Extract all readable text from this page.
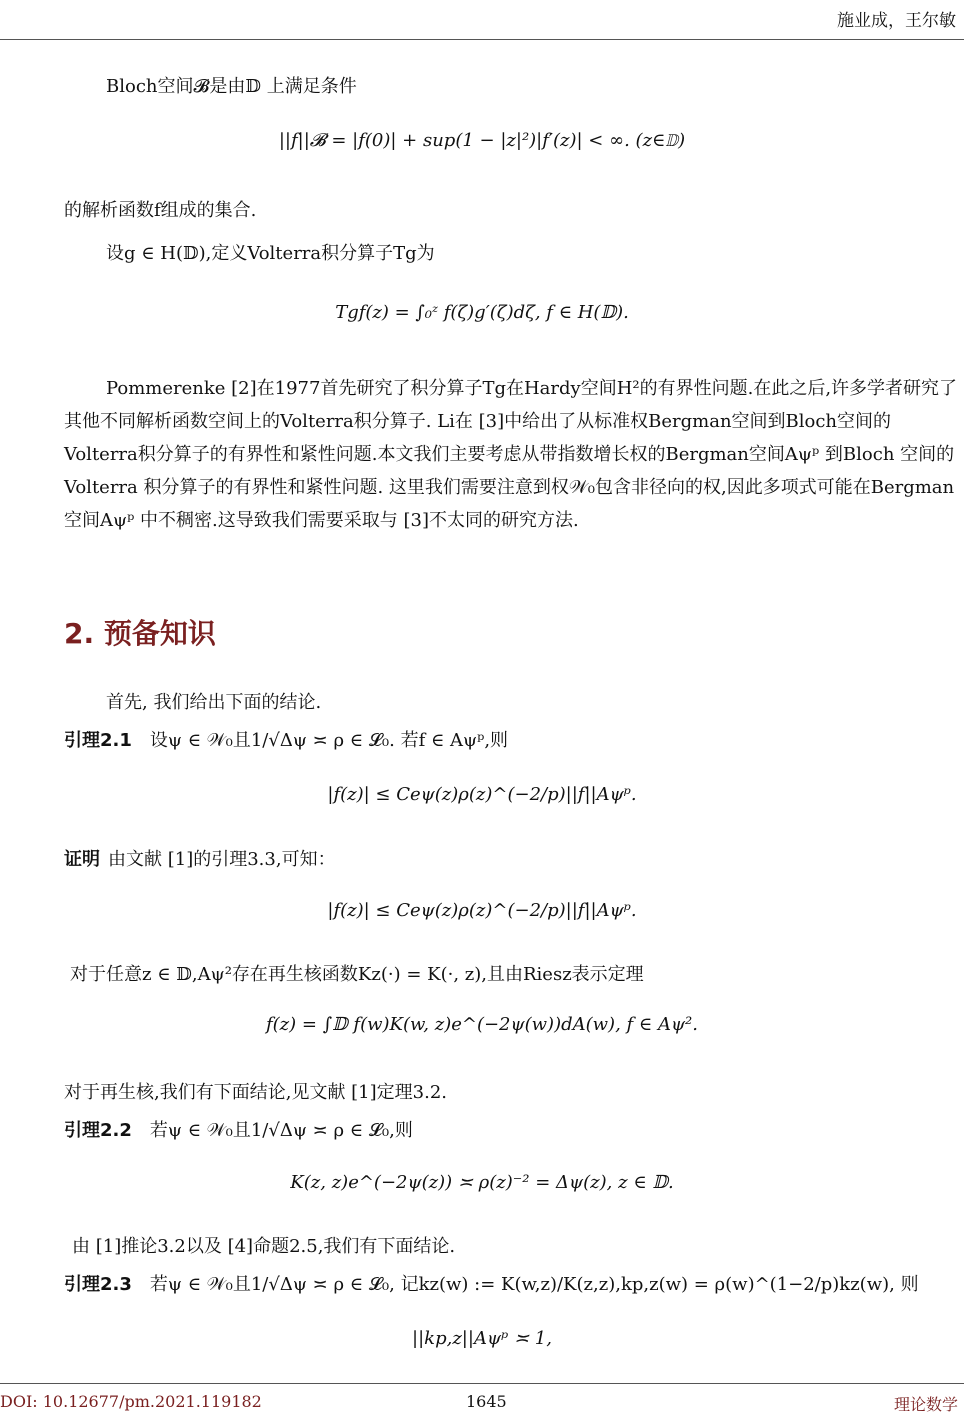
施业成，王尔敏
Bloch空间𝓑是由𝔻 上满足条件
||f||𝓑 = |f(0)| + sup(1 − |z|²)|f′(z)| < ∞. (z∈𝔻)
的解析函数f组成的集合.
设g ∈ H(𝔻),定义Volterra积分算子Tg为
Tgf(z) = ∫₀ᶻ f(ζ)g′(ζ)dζ, f ∈ H(𝔻).
Pommerenke [2]在1977首先研究了积分算子Tg在Hardy空间H²的有界性问题.在此之后,许多学者研究了其他不同解析函数空间上的Volterra积分算子. Li在 [3]中给出了从标准权Bergman空间到Bloch空间的Volterra积分算子的有界性和紧性问题.本文我们主要考虑从带指数增长权的Bergman空间Aψᵖ 到Bloch 空间的Volterra 积分算子的有界性和紧性问题. 这里我们需要注意到权𝒲₀包含非径向的权,因此多项式可能在Bergman 空间Aψᵖ 中不稠密.这导致我们需要采取与 [3]不太同的研究方法.
2. 预备知识
首先, 我们给出下面的结论.
引理2.1 设ψ ∈ 𝒲₀且1/√Δψ ≍ ρ ∈ 𝓛₀. 若f ∈ Aψᵖ,则
|f(z)| ≤ Ceψ(z)ρ(z)^(−2/p)||f||Aψᵖ.
证明 由文献 [1]的引理3.3,可知：
|f(z)| ≤ Ceψ(z)ρ(z)^(−2/p)||f||Aψᵖ.
对于任意z ∈ 𝔻,Aψ²存在再生核函数Kz(·) = K(·, z),且由Riesz表示定理
f(z) = ∫𝔻 f(w)K(w, z)e^(−2ψ(w))dA(w), f ∈ Aψ².
对于再生核,我们有下面结论,见文献 [1]定理3.2.
引理2.2 若ψ ∈ 𝒲₀且1/√Δψ ≍ ρ ∈ 𝓛₀,则
K(z, z)e^(−2ψ(z)) ≍ ρ(z)⁻² = Δψ(z), z ∈ 𝔻.
由 [1]推论3.2以及 [4]命题2.5,我们有下面结论.
引理2.3 若ψ ∈ 𝒲₀且1/√Δψ ≍ ρ ∈ 𝓛₀, 记kz(w) := K(w,z)/K(z,z),kp,z(w) = ρ(w)^(1−2/p)kz(w), 则
||kp,z||Aψᵖ ≍ 1,
DOI: 10.12677/pm.2021.119182	1645	理论数学
